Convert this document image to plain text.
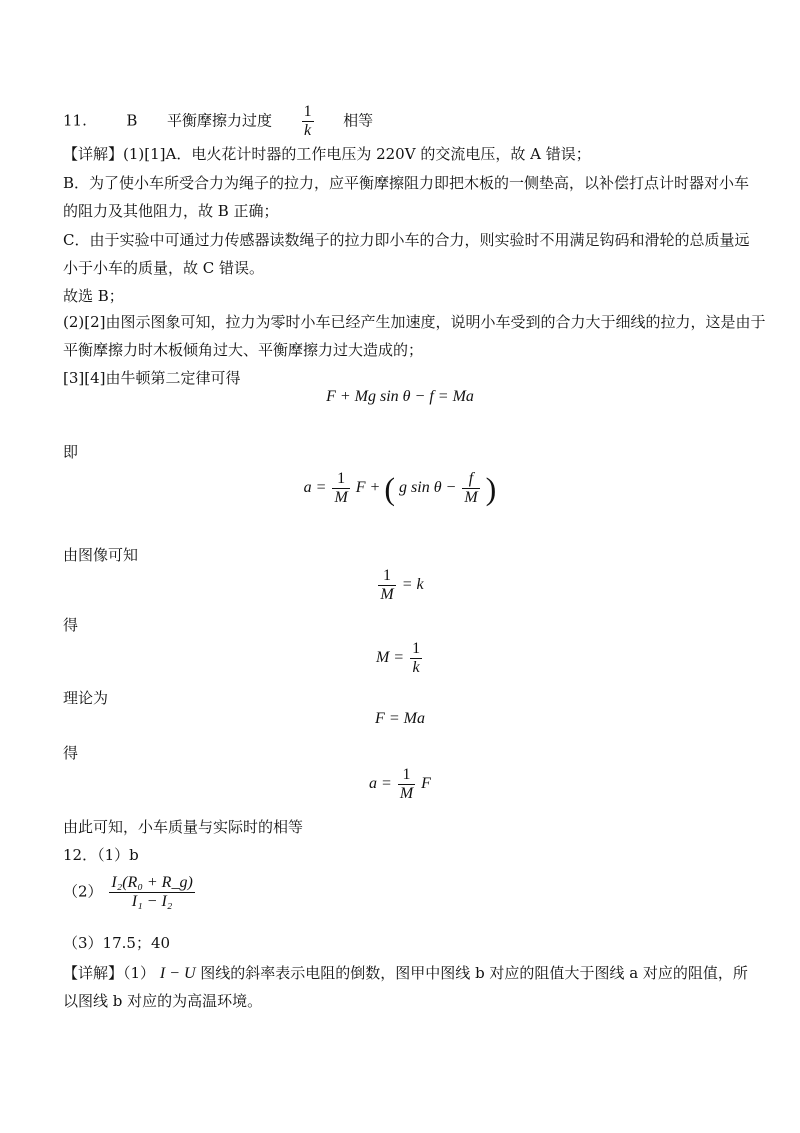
11.	B 平衡摩擦力过度 $\frac{1}{k}$ 相等
【详解】(1)[1]A．电火花计时器的工作电压为 220V 的交流电压，故 A 错误；
B．为了使小车所受合力为绳子的拉力，应平衡摩擦阻力即把木板的一侧垫高，以补偿打点计时器对小车
的阻力及其他阻力，故 B 正确；
C．由于实验中可通过力传感器读数绳子的拉力即小车的合力，则实验时不用满足钩码和滑轮的总质量远
小于小车的质量，故 C 错误。
故选 B；
(2)[2]由图示图象可知，拉力为零时小车已经产生加速度，说明小车受到的合力大于细线的拉力，这是由于
平衡摩擦力时木板倾角过大、平衡摩擦力过大造成的；
[3][4]由牛顿第二定律可得
F + Mg sin θ − f = Ma
即
$a = \frac{1}{M}$ F + ( g $\sin \theta - \frac{f}{M}$ )
由图像可知
$\frac{1}{M} = k$
得
$M = \frac{1}{k}$
理论为
F = Ma
得
$a = \frac{1}{M}$ F
由此可知，小车质量与实际时的相等
12．（1）b
$(2) \frac{\text{I₂(R₀ + R\_g)}}{\text{I₁ − I₂}}$
（3）17.5；40
【详解】（1） I − U 图线的斜率表示电阻的倒数，图甲中图线 b 对应的阻值大于图线 a 对应的阻值，所
以图线 b 对应的为高温环境。
